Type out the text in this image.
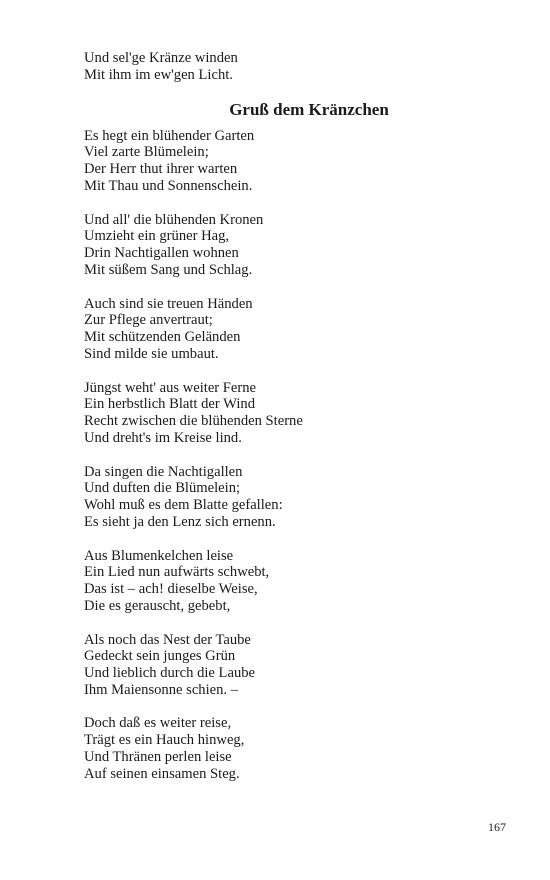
Und sel'ge Kränze winden
Mit ihm im ew'gen Licht.
Gruß dem Kränzchen
Es hegt ein blühender Garten
Viel zarte Blümelein;
Der Herr thut ihrer warten
Mit Thau und Sonnenschein.
Und all' die blühenden Kronen
Umzieht ein grüner Hag,
Drin Nachtigallen wohnen
Mit süßem Sang und Schlag.
Auch sind sie treuen Händen
Zur Pflege anvertraut;
Mit schützenden Geländen
Sind milde sie umbaut.
Jüngst weht' aus weiter Ferne
Ein herbstlich Blatt der Wind
Recht zwischen die blühenden Sterne
Und dreht's im Kreise lind.
Da singen die Nachtigallen
Und duften die Blümelein;
Wohl muß es dem Blatte gefallen:
Es sieht ja den Lenz sich ernenn.
Aus Blumenkelchen leise
Ein Lied nun aufwärts schwebt,
Das ist – ach! dieselbe Weise,
Die es gerauscht, gebebt,
Als noch das Nest der Taube
Gedeckt sein junges Grün
Und lieblich durch die Laube
Ihm Maiensonne schien. –
Doch daß es weiter reise,
Trägt es ein Hauch hinweg,
Und Thränen perlen leise
Auf seinen einsamen Steg.
167
